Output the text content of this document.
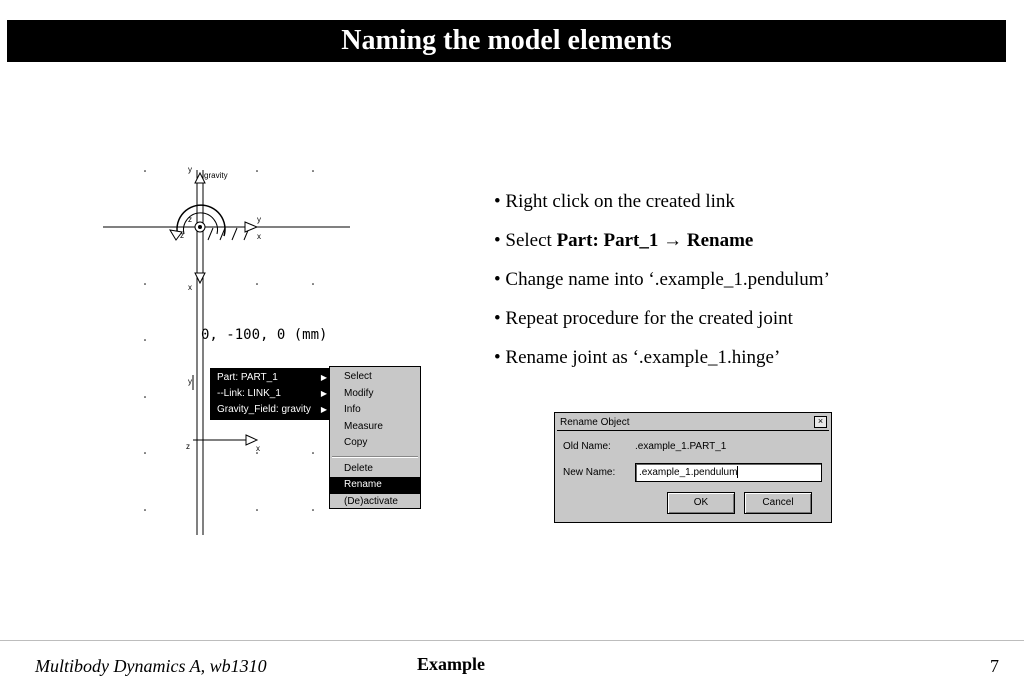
Naming the model elements
y
gravity
z
z
y
x
x
y
z	x
0, -100, 0 (mm)
Part: PART_1	▶
--Link: LINK_1	▶
Gravity_Field: gravity ▶
Select
Modify
Info
Measure
Copy
Delete
Rename
(De)activate
• Right click on the created link
• Select Part: Part_1 → Rename
• Change name into ‘.example_1.pendulum’
• Repeat procedure for the created joint
• Rename joint as ‘.example_1.hinge’
Rename Object	×
Old Name: .example_1.PART_1
New Name:	.example_1.pendulum
OK	Cancel
Multibody Dynamics A, wb1310	Example	7
